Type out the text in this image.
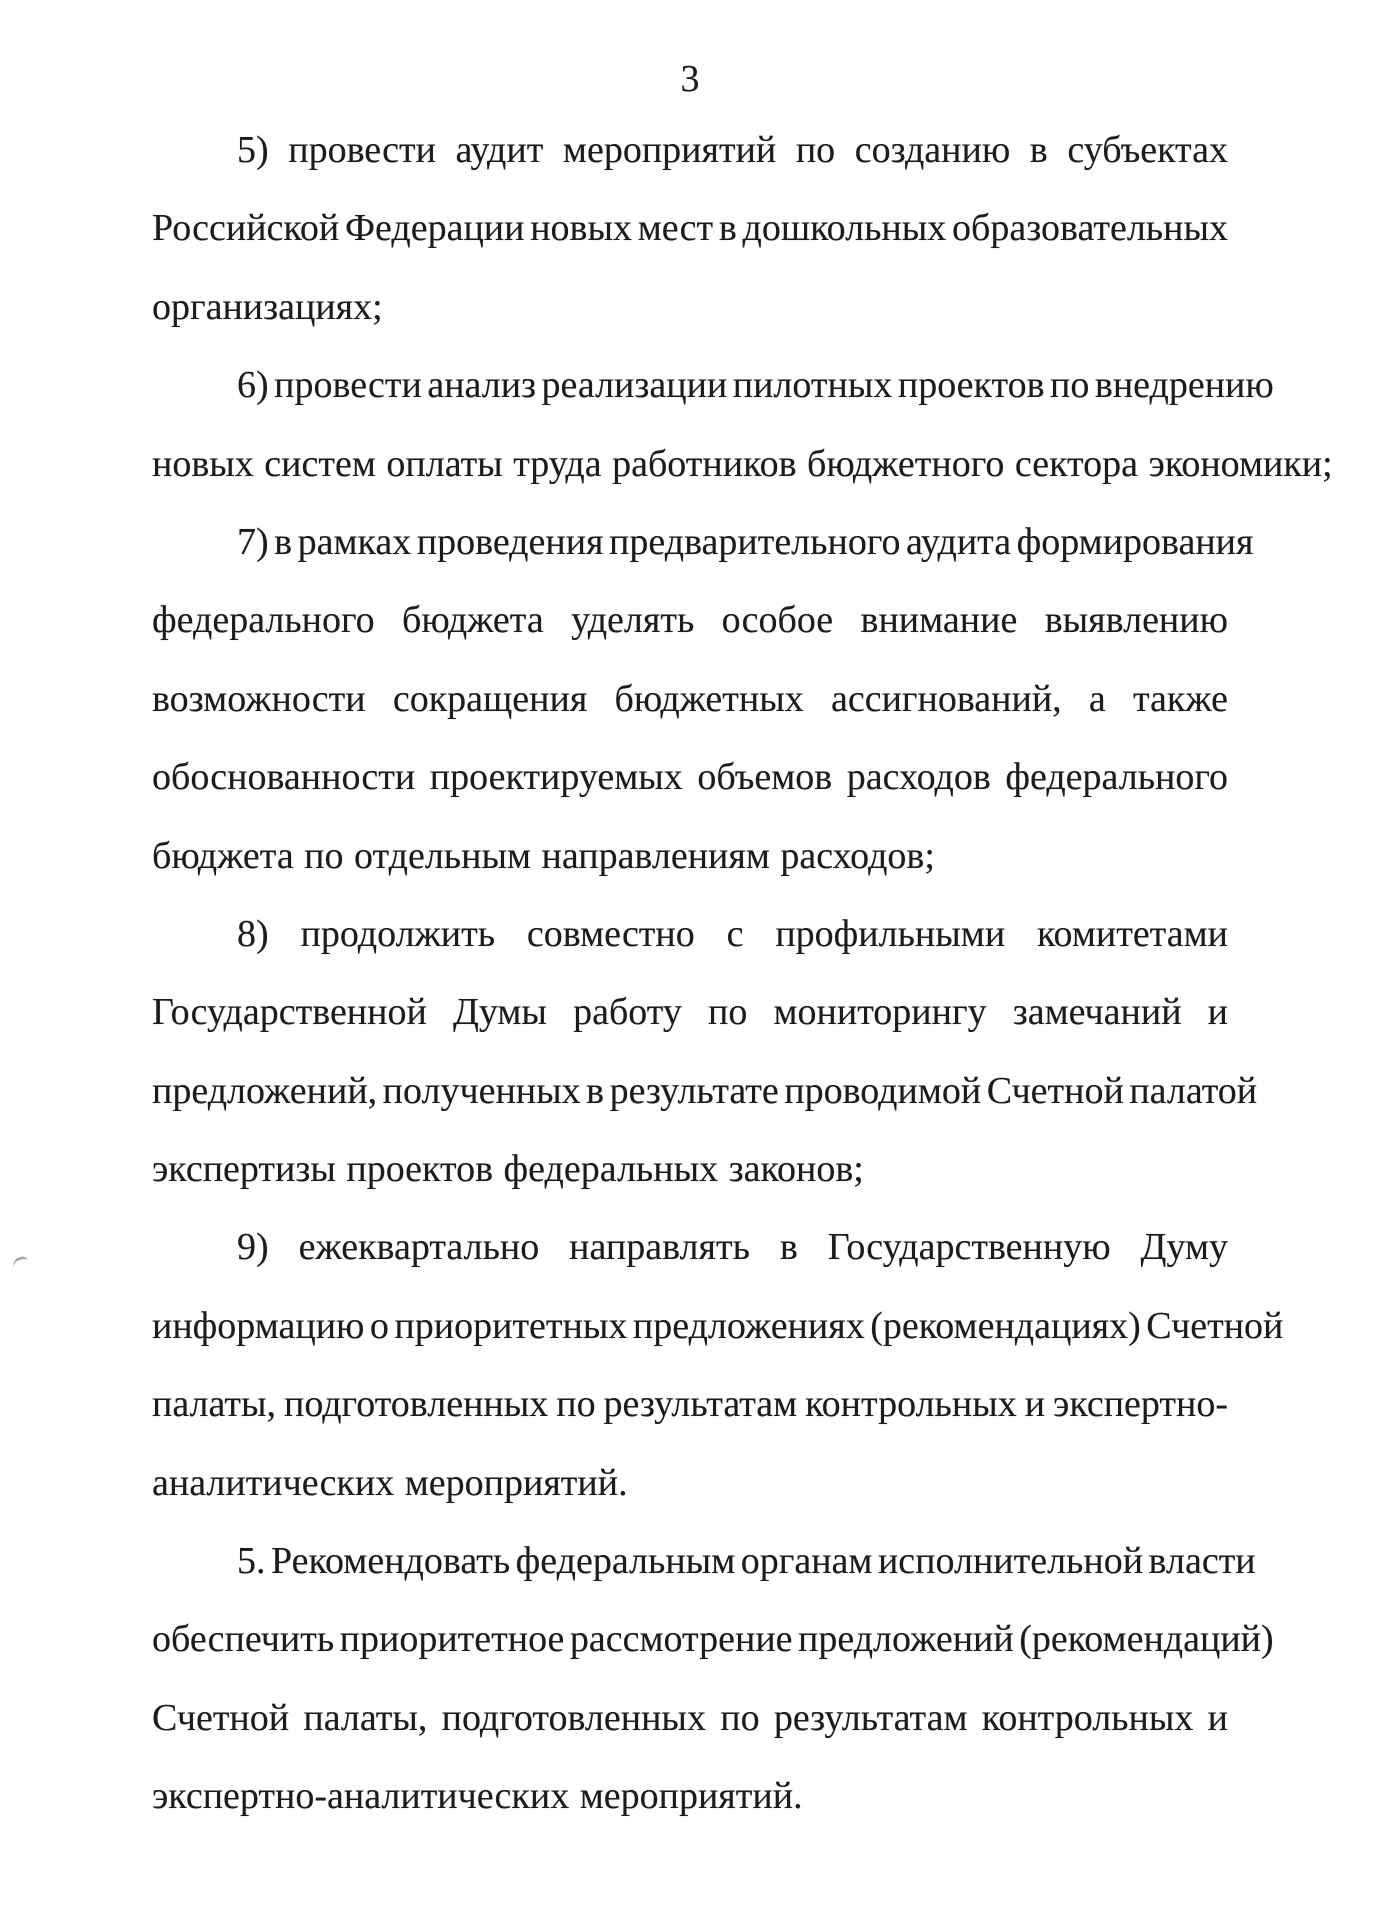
3
5) провести аудит мероприятий по созданию в субъектах
Российской Федерации новых мест в дошкольных образовательных
организациях;
6) провести анализ реализации пилотных проектов по внедрению
новых систем оплаты труда работников бюджетного сектора экономики;
7) в рамках проведения предварительного аудита формирования
федерального бюджета уделять особое внимание выявлению
возможности сокращения бюджетных ассигнований, а также
обоснованности проектируемых объемов расходов федерального
бюджета по отдельным направлениям расходов;
8) продолжить совместно с профильными комитетами
Государственной Думы работу по мониторингу замечаний и
предложений, полученных в результате проводимой Счетной палатой
экспертизы проектов федеральных законов;
9) ежеквартально направлять в Государственную Думу
информацию о приоритетных предложениях (рекомендациях) Счетной
палаты, подготовленных по результатам контрольных и экспертно-
аналитических мероприятий.
5. Рекомендовать федеральным органам исполнительной власти
обеспечить приоритетное рассмотрение предложений (рекомендаций)
Счетной палаты, подготовленных по результатам контрольных и
экспертно-аналитических мероприятий.
